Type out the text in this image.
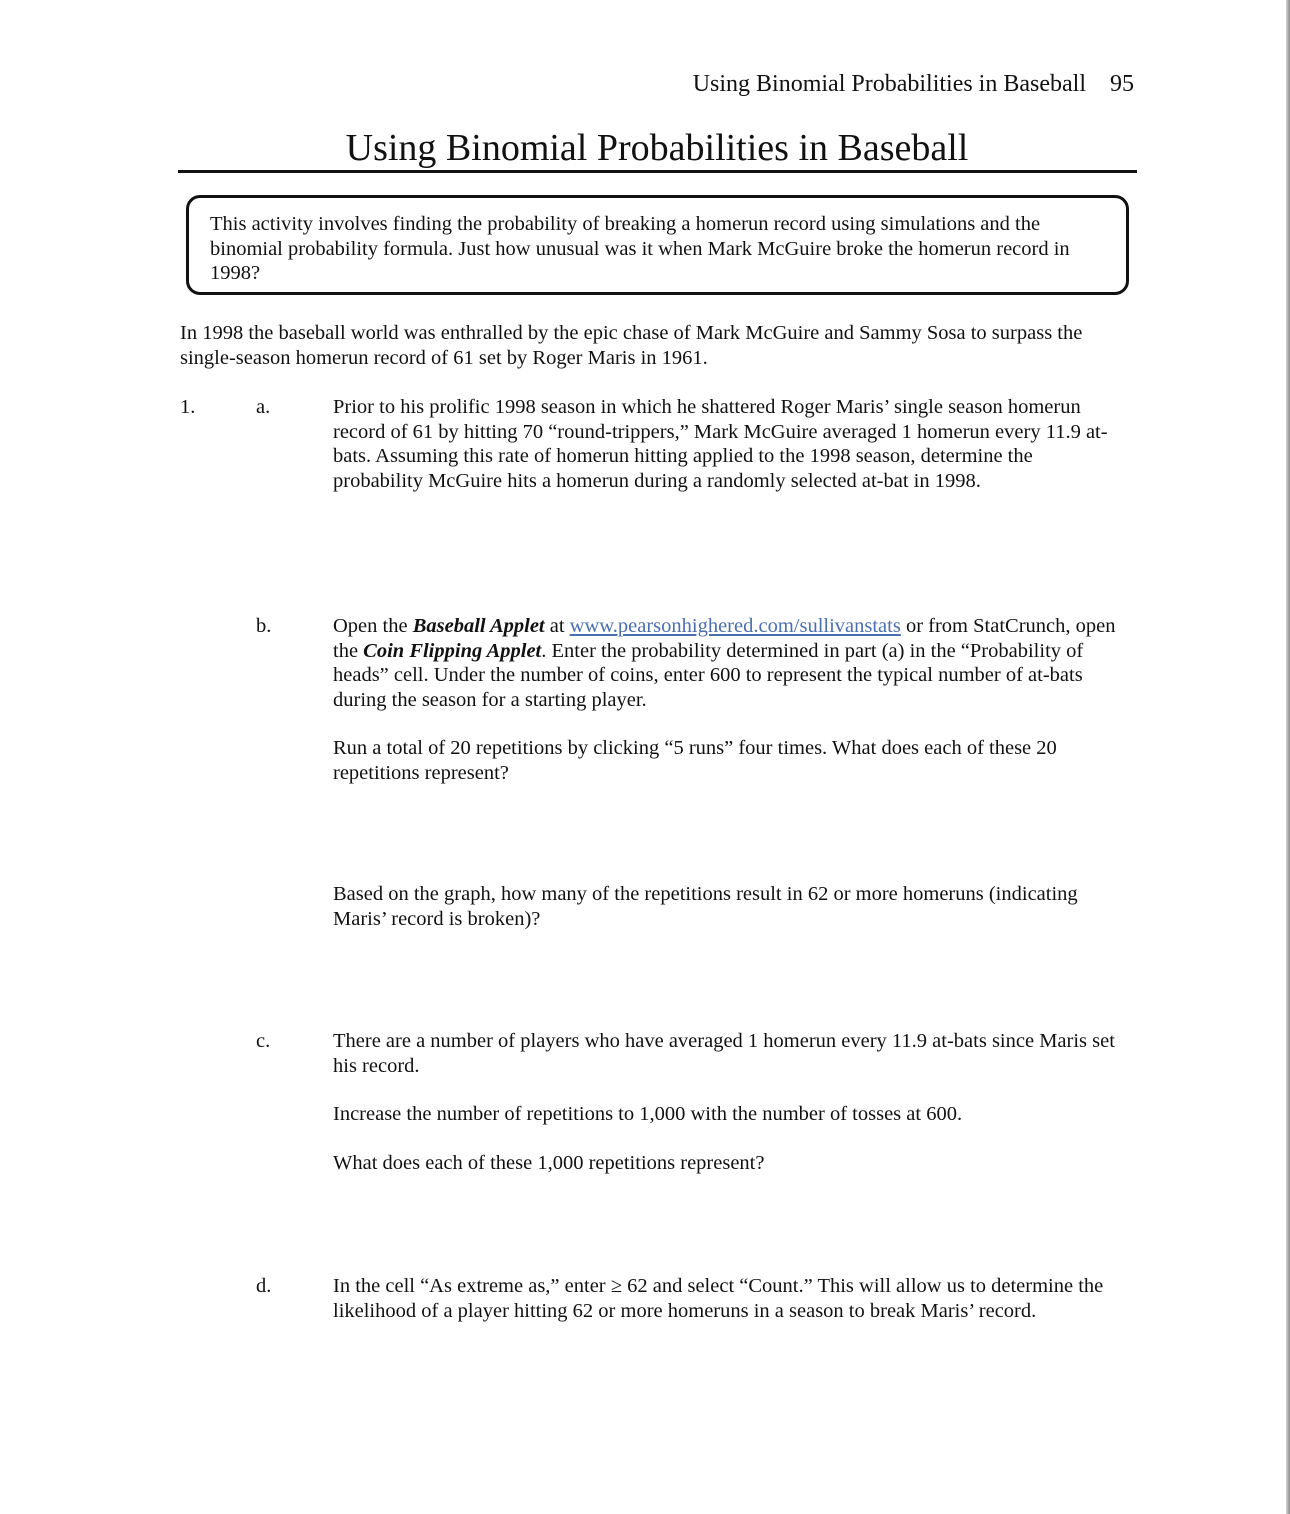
Using Binomial Probabilities in Baseball 95
Using Binomial Probabilities in Baseball
This activity involves finding the probability of breaking a homerun record using simulations and the binomial probability formula. Just how unusual was it when Mark McGuire broke the homerun record in 1998?

In 1998 the baseball world was enthralled by the epic chase of Mark McGuire and Sammy Sosa to surpass the single-season homerun record of 61 set by Roger Maris in 1961.

1.	a.	Prior to his prolific 1998 season in which he shattered Roger Maris’ single season homerun record of 61 by hitting 70 “round-trippers,” Mark McGuire averaged 1 homerun every 11.9 at-bats. Assuming this rate of homerun hitting applied to the 1998 season, determine the probability McGuire hits a homerun during a randomly selected at-bat in 1998.

b.	Open the Baseball Applet at www.pearsonhighered.com/sullivanstats or from StatCrunch, open the Coin Flipping Applet. Enter the probability determined in part (a) in the “Probability of heads” cell. Under the number of coins, enter 600 to represent the typical number of at-bats during the season for a starting player.

Run a total of 20 repetitions by clicking “5 runs” four times. What does each of these 20 repetitions represent?

Based on the graph, how many of the repetitions result in 62 or more homeruns (indicating Maris’ record is broken)?

c.	There are a number of players who have averaged 1 homerun every 11.9 at-bats since Maris set his record.

Increase the number of repetitions to 1,000 with the number of tosses at 600.

What does each of these 1,000 repetitions represent?

d.	In the cell “As extreme as,” enter ≥ 62 and select “Count.” This will allow us to determine the likelihood of a player hitting 62 or more homeruns in a season to break Maris’ record.
